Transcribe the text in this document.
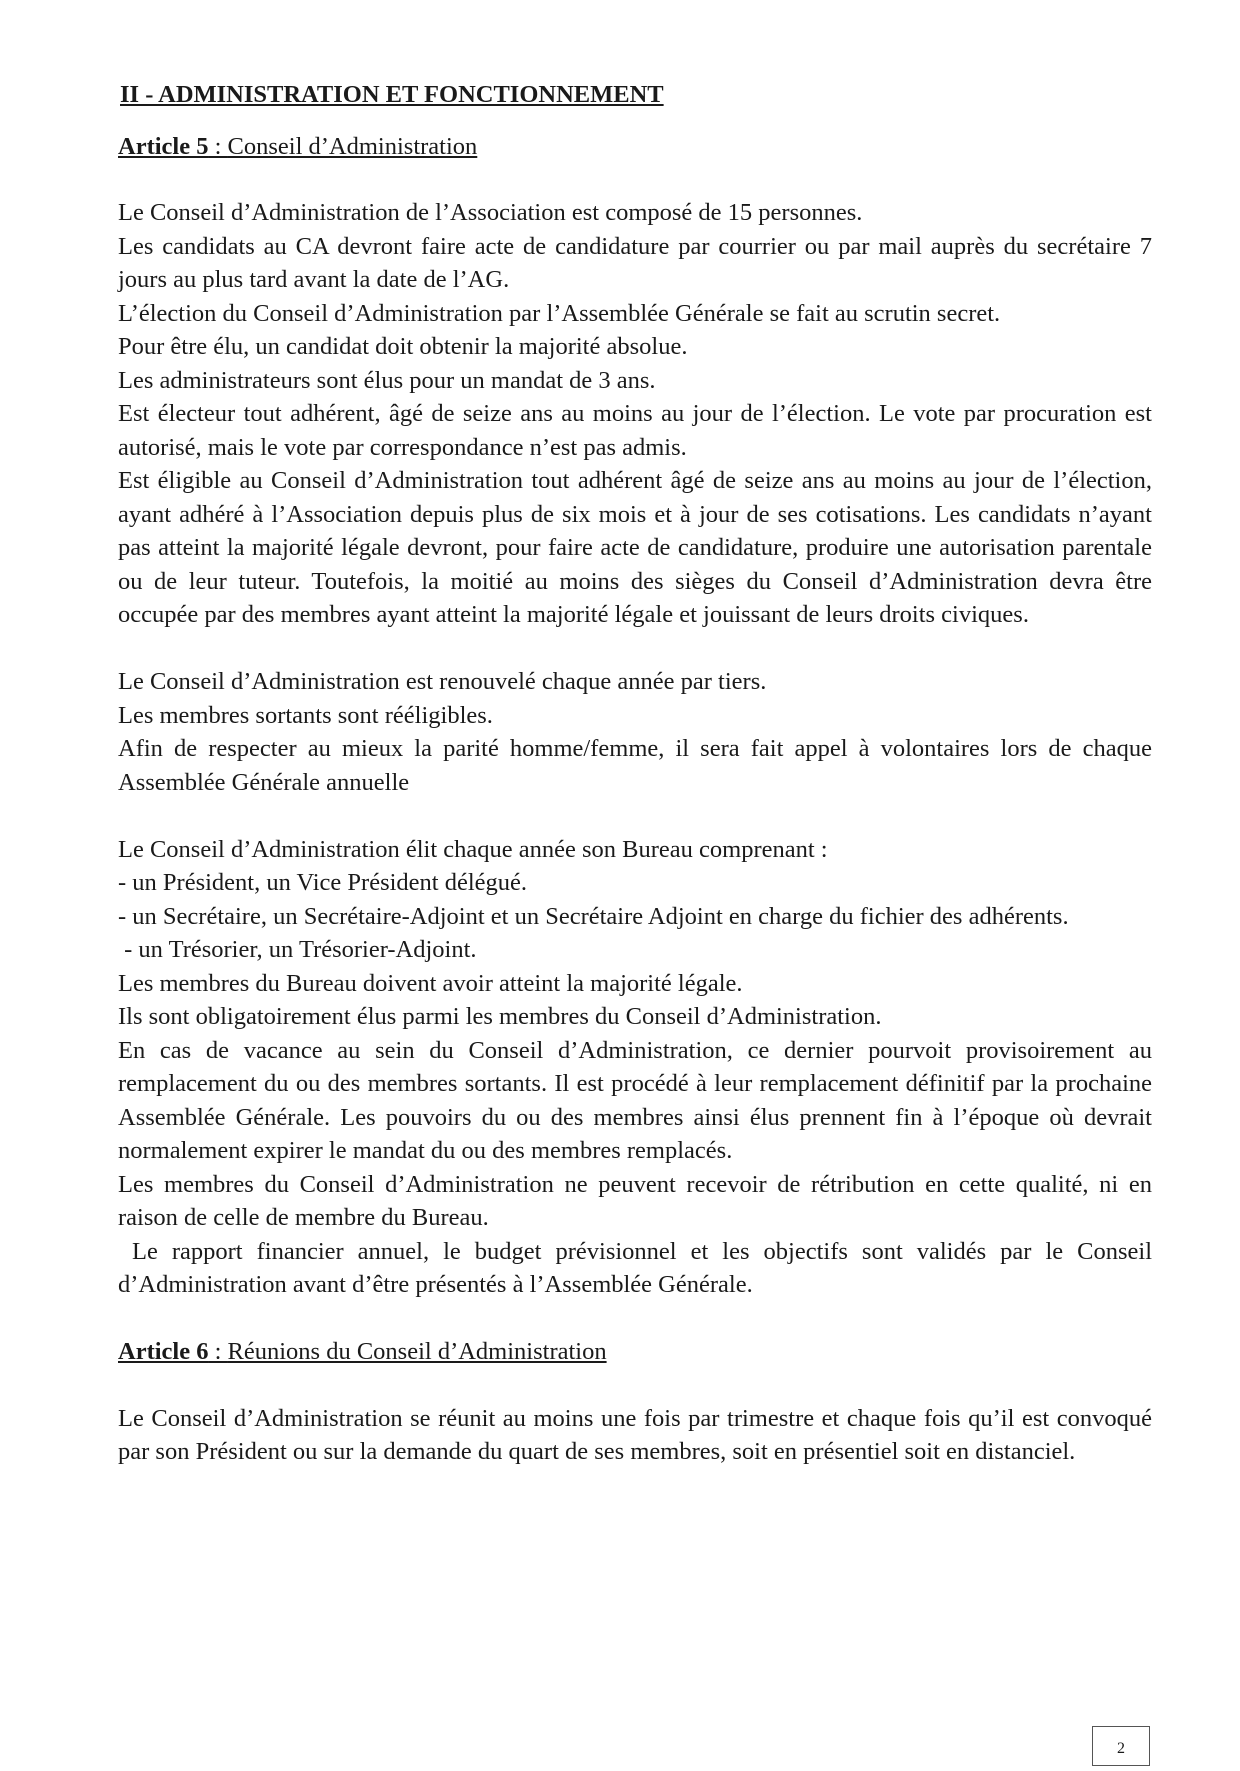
II - ADMINISTRATION ET FONCTIONNEMENT
Article 5 : Conseil d’Administration

Le Conseil d’Administration de l’Association est composé de 15 personnes.

Les candidats au CA devront faire acte de candidature par courrier ou par mail auprès du secrétaire 7 jours au plus tard avant la date de l’AG.

L’élection du Conseil d’Administration par l’Assemblée Générale se fait au scrutin secret.

Pour être élu, un candidat doit obtenir la majorité absolue.

Les administrateurs sont élus pour un mandat de 3 ans.

Est électeur tout adhérent, âgé de seize ans au moins au jour de l’élection. Le vote par procuration est autorisé, mais le vote par correspondance n’est pas admis.

Est éligible au Conseil d’Administration tout adhérent âgé de seize ans au moins au jour de l’élection, ayant adhéré à l’Association depuis plus de six mois et à jour de ses cotisations. Les candidats n’ayant pas atteint la majorité légale devront, pour faire acte de candidature, produire une autorisation parentale ou de leur tuteur. Toutefois, la moitié au moins des sièges du Conseil d’Administration devra être occupée par des membres ayant atteint la majorité légale et jouissant de leurs droits civiques.

Le Conseil d’Administration est renouvelé chaque année par tiers.

Les membres sortants sont rééligibles.

Afin de respecter au mieux la parité homme/femme, il sera fait appel à volontaires lors de chaque Assemblée Générale annuelle

Le Conseil d’Administration élit chaque année son Bureau comprenant :

- un Président, un Vice Président délégué.

- un Secrétaire, un Secrétaire-Adjoint et un Secrétaire Adjoint en charge du fichier des adhérents.

- un Trésorier, un Trésorier-Adjoint.

Les membres du Bureau doivent avoir atteint la majorité légale.

Ils sont obligatoirement élus parmi les membres du Conseil d’Administration.

En cas de vacance au sein du Conseil d’Administration, ce dernier pourvoit provisoirement au remplacement du ou des membres sortants. Il est procédé à leur remplacement définitif par la prochaine Assemblée Générale. Les pouvoirs du ou des membres ainsi élus prennent fin à l’époque où devrait normalement expirer le mandat du ou des membres remplacés.

Les membres du Conseil d’Administration ne peuvent recevoir de rétribution en cette qualité, ni en raison de celle de membre du Bureau.

Le rapport financier annuel, le budget prévisionnel et les objectifs sont validés par le Conseil d’Administration avant d’être présentés à l’Assemblée Générale.

Article 6 : Réunions du Conseil d’Administration

Le Conseil d’Administration se réunit au moins une fois par trimestre et chaque fois qu’il est convoqué par son Président ou sur la demande du quart de ses membres, soit en présentiel soit en distanciel.

2
